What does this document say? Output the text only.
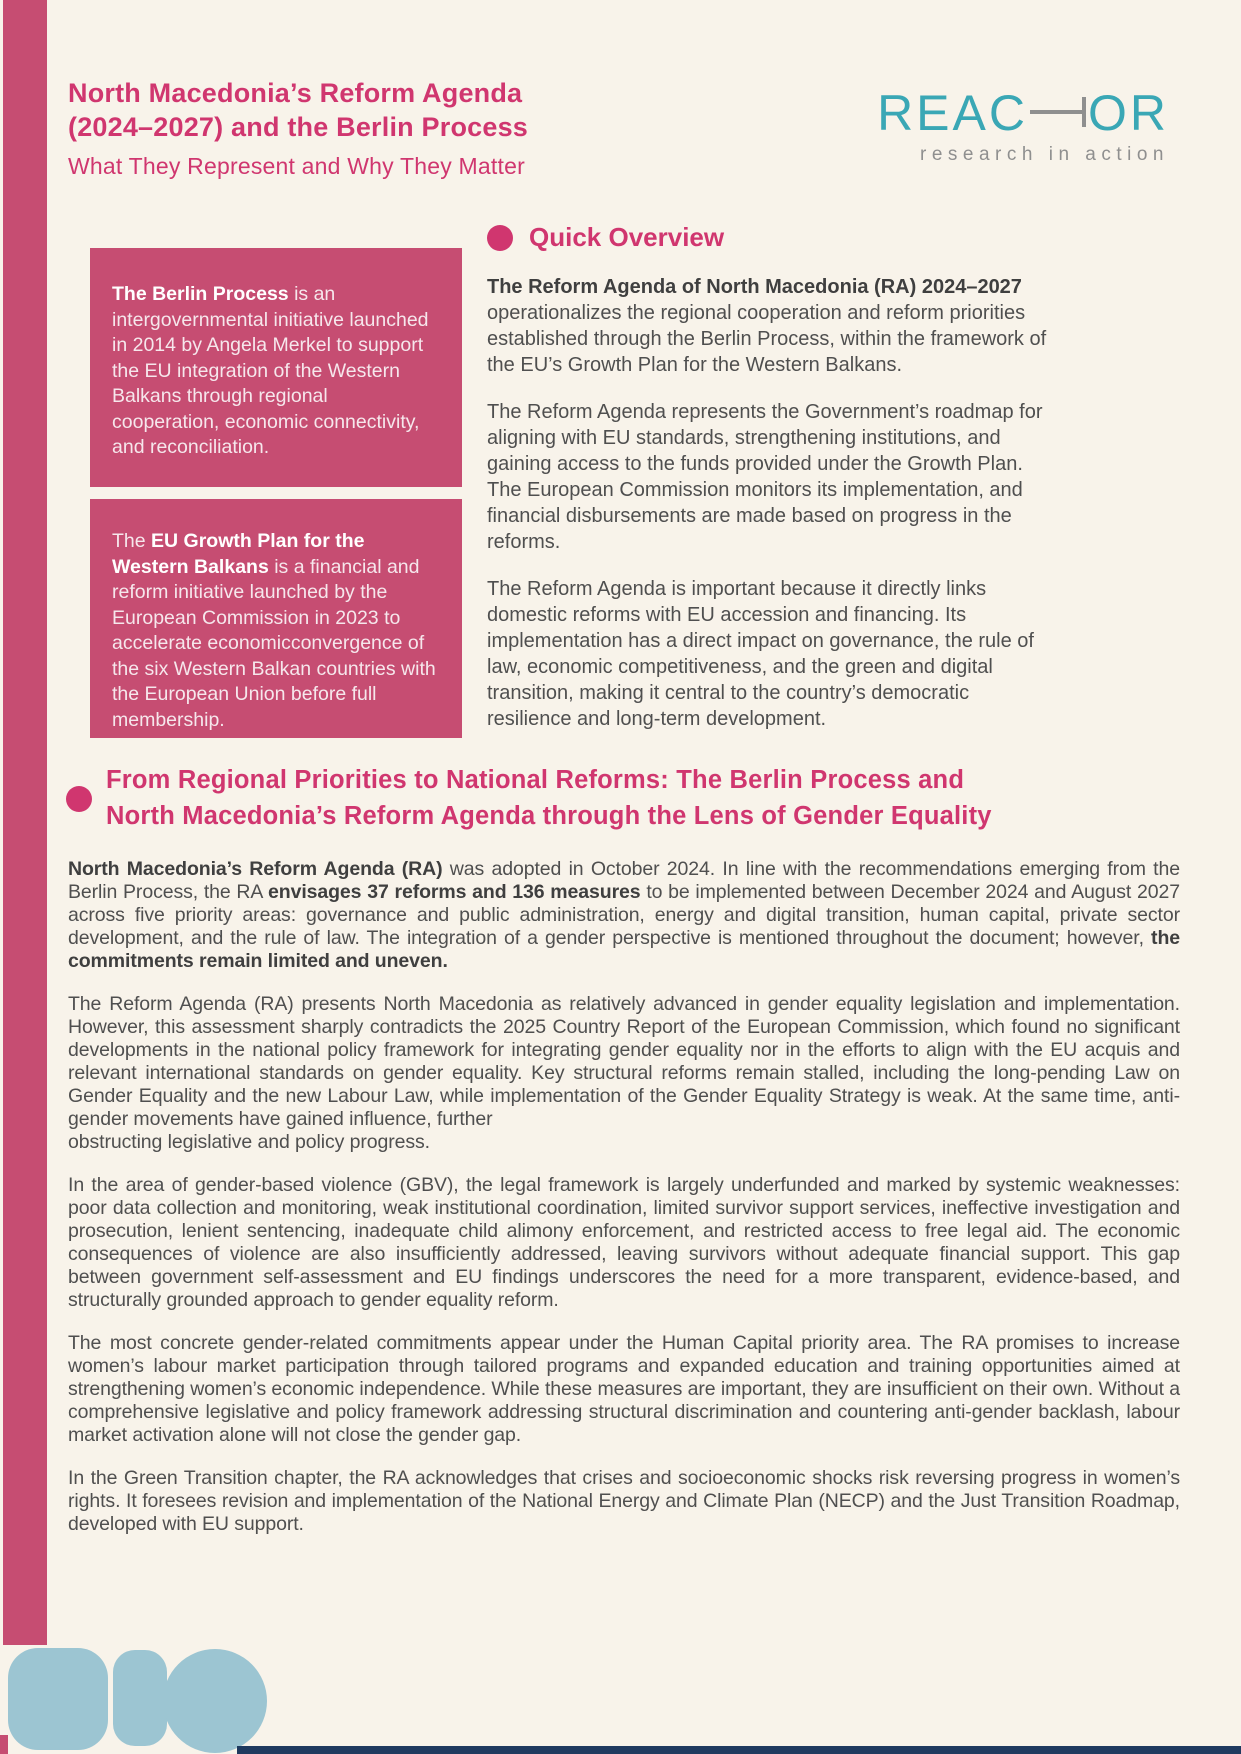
North Macedonia’s Reform Agenda
(2024–2027) and the Berlin Process
What They Represent and Why They Matter
REAC OR
research in action
The Berlin Process is an intergovernmental initiative launched in 2014 by Angela Merkel to support the EU integration of the Western Balkans through regional cooperation, economic connectivity, and reconciliation.
The EU Growth Plan for the Western Balkans is a financial and reform initiative launched by the European Commission in 2023 to accelerate economicconvergence of the six Western Balkan countries with the European Union before full membership.
Quick Overview

The Reform Agenda of North Macedonia (RA) 2024–2027 operationalizes the regional cooperation and reform priorities established through the Berlin Process, within the framework of the EU’s Growth Plan for the Western Balkans.

The Reform Agenda represents the Government’s roadmap for aligning with EU standards, strengthening institutions, and gaining access to the funds provided under the Growth Plan. The European Commission monitors its implementation, and financial disbursements are made based on progress in the reforms.

The Reform Agenda is important because it directly links domestic reforms with EU accession and financing. Its implementation has a direct impact on governance, the rule of law, economic competitiveness, and the green and digital transition, making it central to the country’s democratic resilience and long-term development.

From Regional Priorities to National Reforms: The Berlin Process and
North Macedonia’s Reform Agenda through the Lens of Gender Equality

North Macedonia’s Reform Agenda (RA) was adopted in October 2024. In line with the recommendations emerging from the Berlin Process, the RA envisages 37 reforms and 136 measures to be implemented between December 2024 and August 2027 across five priority areas: governance and public administration, energy and digital transition, human capital, private sector development, and the rule of law. The integration of a gender perspective is mentioned throughout the document; however, the commitments remain limited and uneven.

The Reform Agenda (RA) presents North Macedonia as relatively advanced in gender equality legislation and implementation. However, this assessment sharply contradicts the 2025 Country Report of the European Commission, which found no significant developments in the national policy framework for integrating gender equality nor in the efforts to align with the EU acquis and relevant international standards on gender equality. Key structural reforms remain stalled, including the long-pending Law on Gender Equality and the new Labour Law, while implementation of the Gender Equality Strategy is weak. At the same time, anti-gender movements have gained influence, further
obstructing legislative and policy progress.

In the area of gender-based violence (GBV), the legal framework is largely underfunded and marked by systemic weaknesses: poor data collection and monitoring, weak institutional coordination, limited survivor support services, ineffective investigation and prosecution, lenient sentencing, inadequate child alimony enforcement, and restricted access to free legal aid. The economic consequences of violence are also insufficiently addressed, leaving survivors without adequate financial support. This gap between government self-assessment and EU findings underscores the need for a more transparent, evidence-based, and structurally grounded approach to gender equality reform.

The most concrete gender-related commitments appear under the Human Capital priority area. The RA promises to increase women’s labour market participation through tailored programs and expanded education and training opportunities aimed at strengthening women’s economic independence. While these measures are important, they are insufficient on their own. Without a comprehensive legislative and policy framework addressing structural discrimination and countering anti-gender backlash, labour market activation alone will not close the gender gap.

In the Green Transition chapter, the RA acknowledges that crises and socioeconomic shocks risk reversing progress in women’s rights. It foresees revision and implementation of the National Energy and Climate Plan (NECP) and the Just Transition Roadmap, developed with EU support.
